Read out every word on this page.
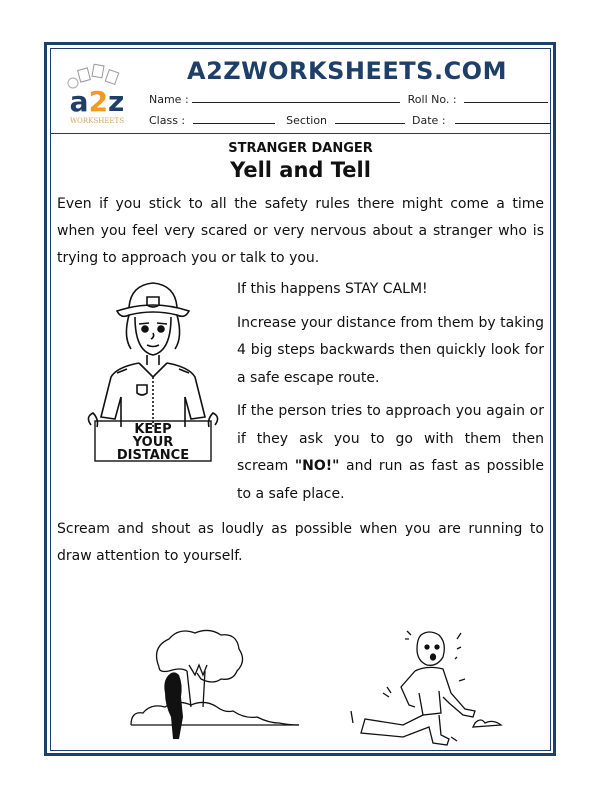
a2z
WORKSHEETS
A2ZWORKSHEETS.COM
Name :	Roll No. :
Class :	Section	Date :
STRANGER DANGER
Yell and Tell
Even if you stick to all the safety rules there might come a time when you feel very scared or very nervous about a stranger who is trying to approach you or talk to you.
KEEP
YOUR
DISTANCE

If this happens STAY CALM!

Increase your distance from them by taking 4 big steps backwards then quickly look for a safe escape route.

If the person tries to approach you again or if they ask you to go with them then scream "NO!" and run as fast as possible to a safe place.

Scream and shout as loudly as possible when you are running to draw attention to yourself.
